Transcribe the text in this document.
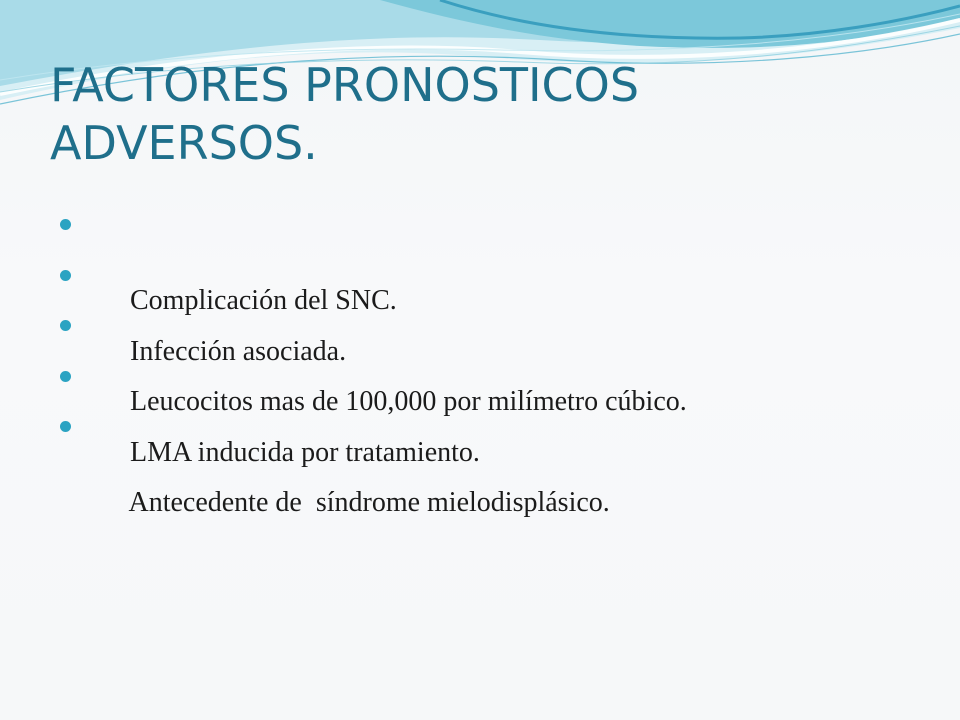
FACTORES PRONOSTICOS
ADVERSOS.

Complicación del SNC.

Infección asociada.

Leucocitos mas de 100,000 por milímetro cúbico.

LMA inducida por tratamiento.

Antecedente de  síndrome mielodisplásico.
